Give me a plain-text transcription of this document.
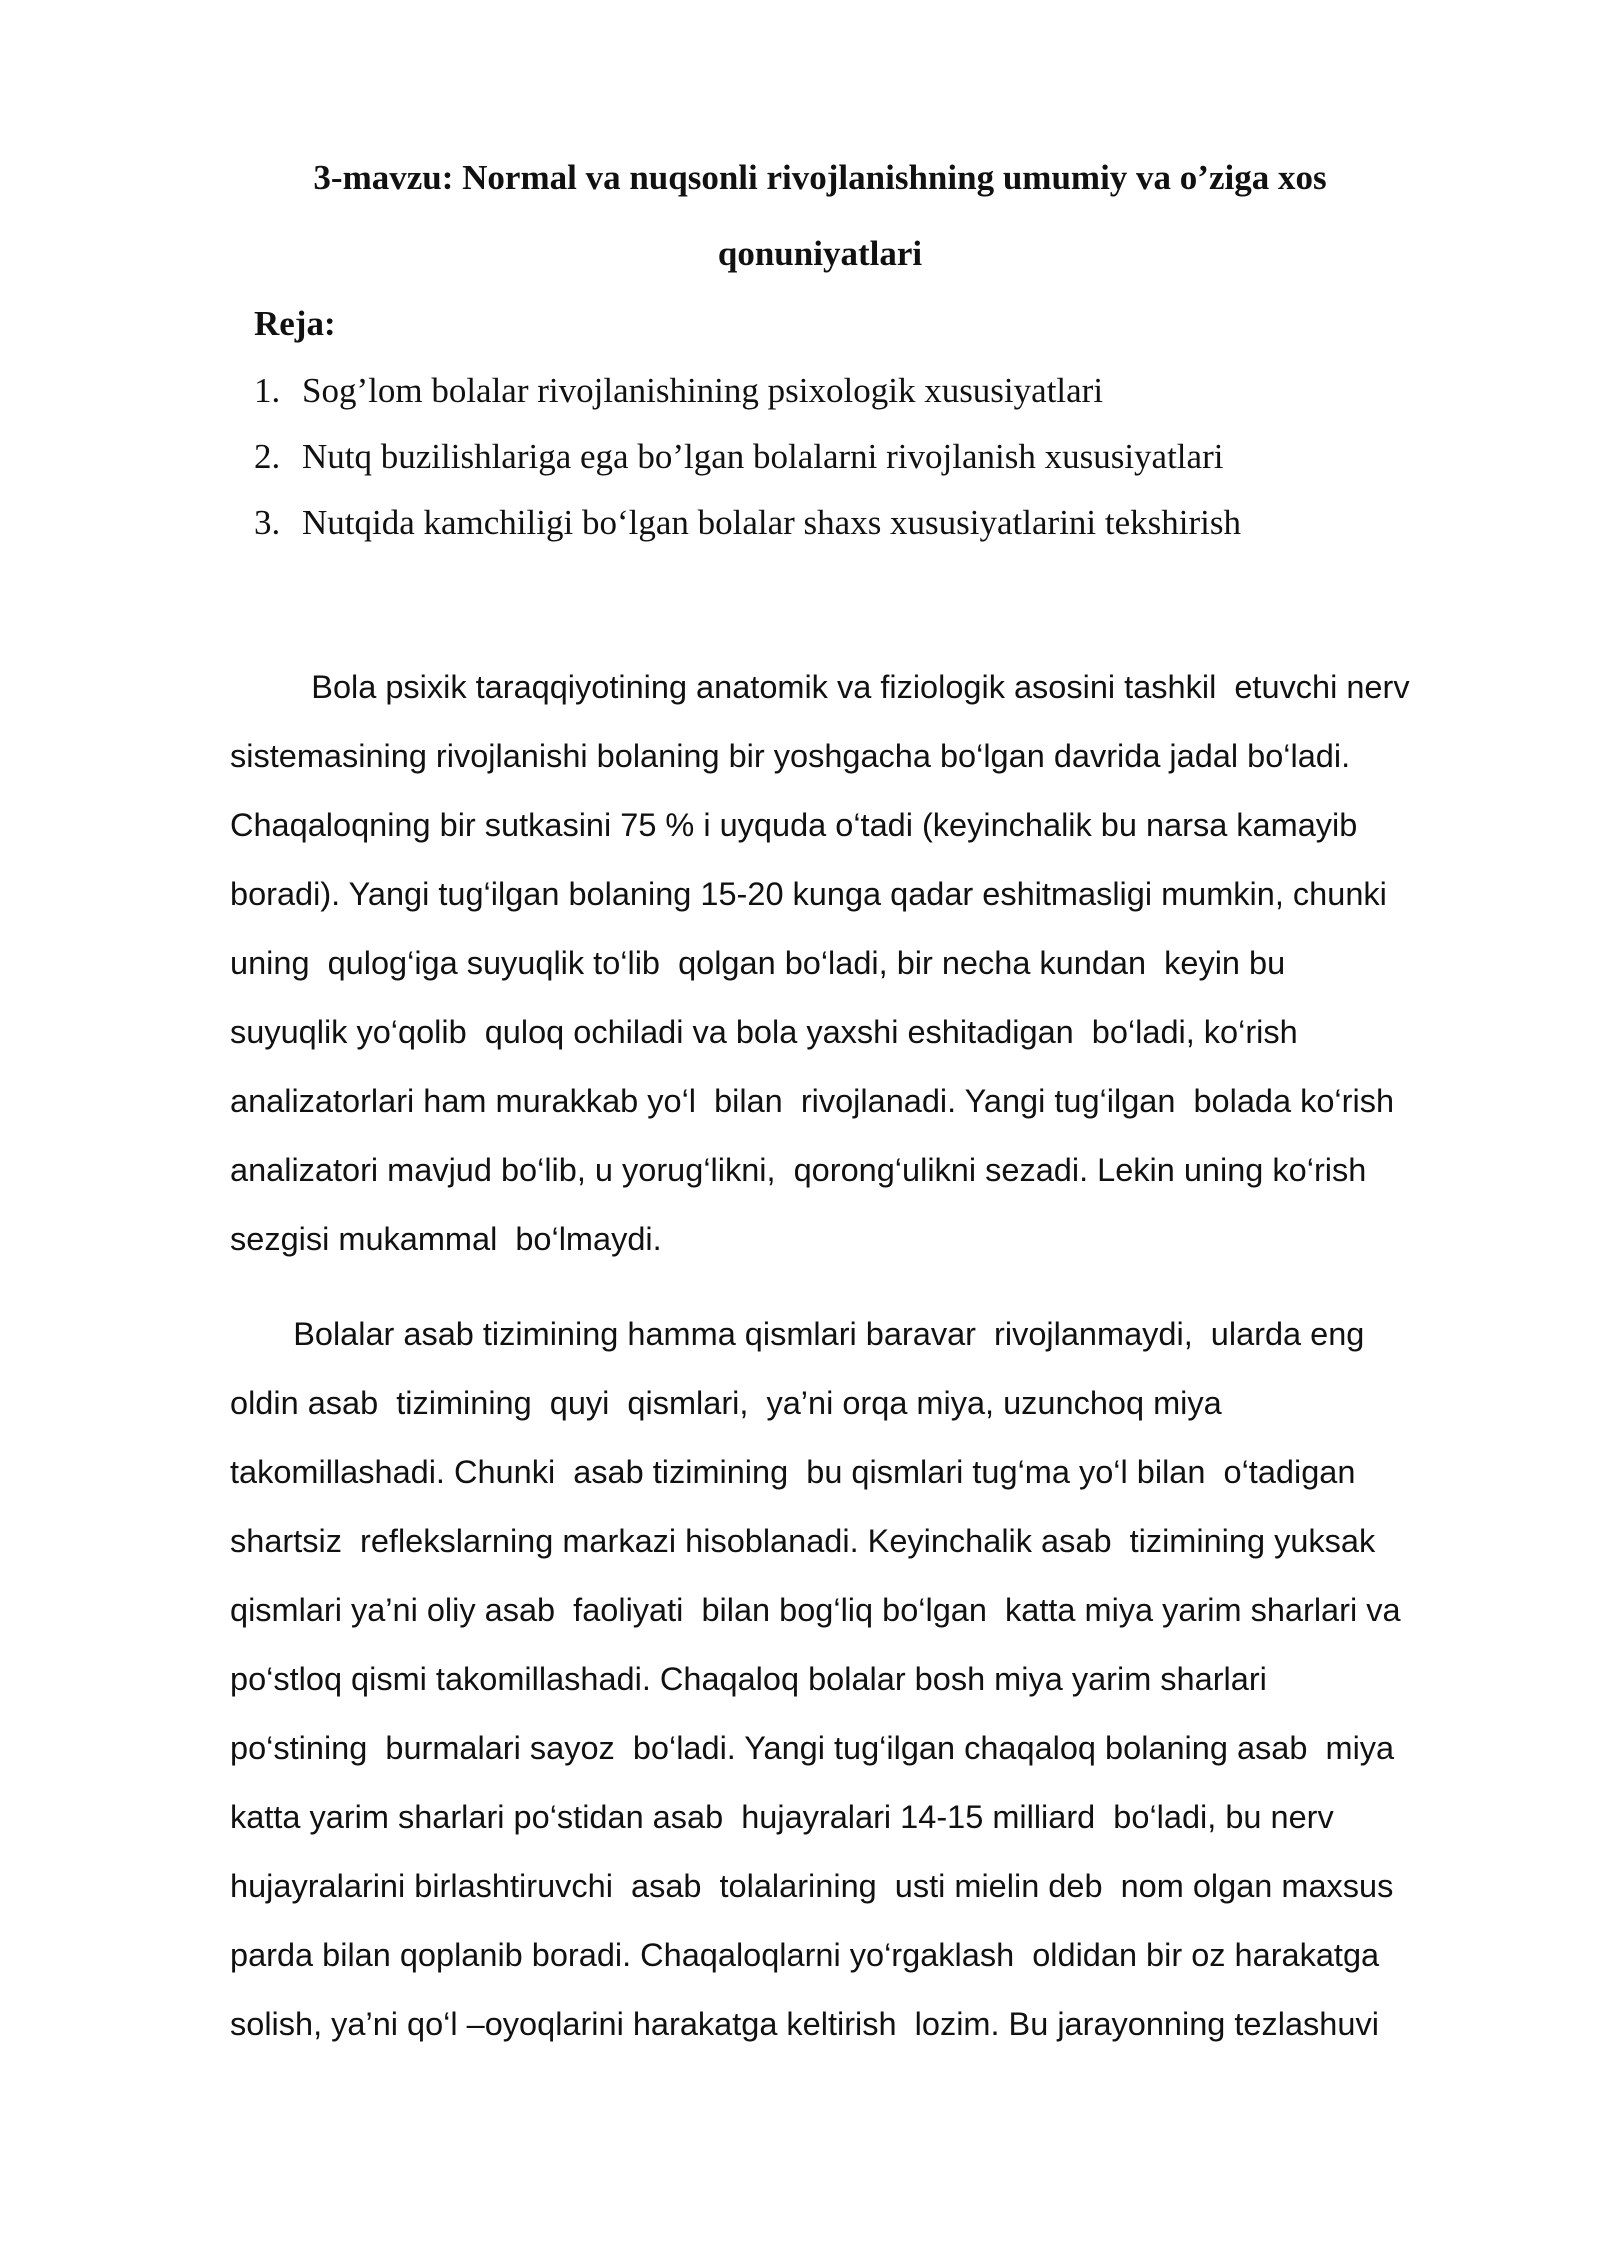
3-mavzu: Normal va nuqsonli rivojlanishning umumiy va o’ziga xos
qonuniyatlari
Reja:
1. Sog’lom bolalar rivojlanishining psixologik xususiyatlari
2. Nutq buzilishlariga ega bo’lgan bolalarni rivojlanish xususiyatlari
3. Nutqida kamchiligi bo‘lgan bolalar shaxs xususiyatlarini tekshirish
Bola psixik taraqqiyotining anatomik va fiziologik asosini tashkil  etuvchi nerv
sistemasining rivojlanishi bolaning bir yoshgacha bo‘lgan davrida jadal bo‘ladi.
Chaqaloqning bir sutkasini 75 % i uyquda o‘tadi (keyinchalik bu narsa kamayib
boradi). Yangi tug‘ilgan bolaning 15-20 kunga qadar eshitmasligi mumkin, chunki
uning  qulog‘iga suyuqlik to‘lib  qolgan bo‘ladi, bir necha kundan  keyin bu
suyuqlik yo‘qolib  quloq ochiladi va bola yaxshi eshitadigan  bo‘ladi, ko‘rish
analizatorlari ham murakkab yo‘l  bilan  rivojlanadi. Yangi tug‘ilgan  bolada ko‘rish
analizatori mavjud bo‘lib, u yorug‘likni,  qorong‘ulikni sezadi. Lekin uning ko‘rish
sezgisi mukammal  bo‘lmaydi.
Bolalar asab tizimining hamma qismlari baravar  rivojlanmaydi,  ularda eng
oldin asab  tizimining  quyi  qismlari,  ya’ni orqa miya, uzunchoq miya
takomillashadi. Chunki  asab tizimining  bu qismlari tug‘ma yo‘l bilan  o‘tadigan
shartsiz  reflekslarning markazi hisoblanadi. Keyinchalik asab  tizimining yuksak
qismlari ya’ni oliy asab  faoliyati  bilan bog‘liq bo‘lgan  katta miya yarim sharlari va
po‘stloq qismi takomillashadi. Chaqaloq bolalar bosh miya yarim sharlari
po‘stining  burmalari sayoz  bo‘ladi. Yangi tug‘ilgan chaqaloq bolaning asab  miya
katta yarim sharlari po‘stidan asab  hujayralari 14-15 milliard  bo‘ladi, bu nerv
hujayralarini birlashtiruvchi  asab  tolalarining  usti mielin deb  nom olgan maxsus
parda bilan qoplanib boradi. Chaqaloqlarni yo‘rgaklash  oldidan bir oz harakatga
solish, ya’ni qo‘l –oyoqlarini harakatga keltirish  lozim. Bu jarayonning tezlashuvi
